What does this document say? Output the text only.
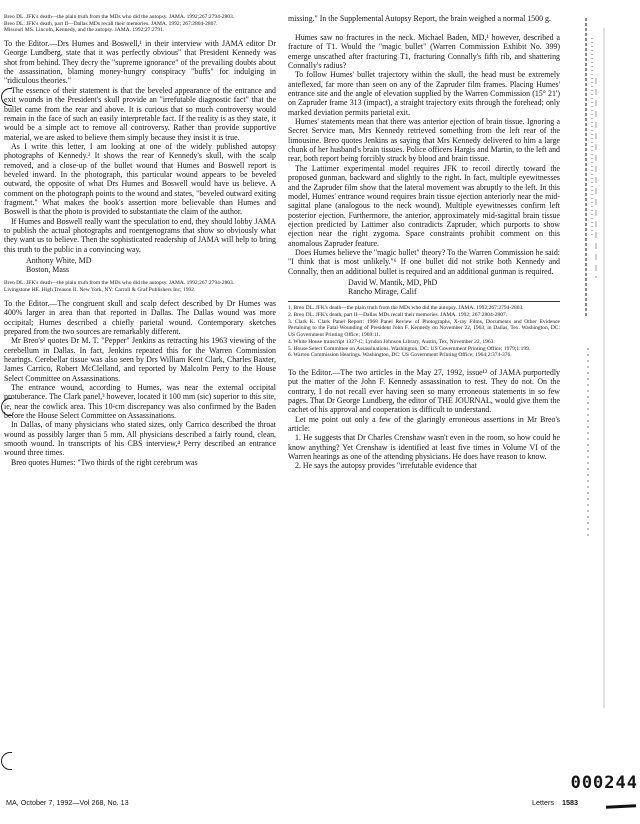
Breo DL. JFK's death—the plain truth from the MDs who did the autopsy. JAMA. 1992;267:2794-2803.
Breo DL. JFK's death, part II—Dallas MDs recall their memories. JAMA. 1992; 267:2804-2807.
Missouri MS. Lincoln, Kennedy, and the autopsy. JAMA. 1992;27:2791.

To the Editor.—Drs Humes and Boswell,¹ in their interview with JAMA editor Dr George Lundberg, state that it was perfectly obvious" that President Kennedy was shot from behind. They decry the "supreme ignorance" of the prevailing doubts about the assassination, blaming money-hungry conspiracy "buffs" for indulging in "ridiculous theories."

The essence of their statement is that the beveled appearance of the entrance and exit wounds in the President's skull provide an "irrefutable diagnostic fact" that the bullet came from the rear and above. It is curious that so much controversy would remain in the face of such an easily interpretable fact. If the reality is as they state, it would be a simple act to remove all controversy. Rather than provide supportive material, we are asked to believe them simply because they insist it is true.

As I write this letter, I am looking at one of the widely published autopsy photographs of Kennedy.² It shows the rear of Kennedy's skull, with the scalp removed, and a close-up of the bullet wound that Humes and Boswell report is beveled inward. In the photograph, this particular wound appears to be beveled outward, the opposite of what Drs Humes and Boswell would have us believe. A comment on the photograph points to the wound and states, "beveled outward exiting fragment." What makes the book's assertion more believable than Humes and Boswell is that the photo is provided to substantiate the claim of the author.

If Humes and Boswell really want the speculation to end, they should lobby JAMA to publish the actual photographs and roentgenograms that show so obviously what they want us to believe. Then the sophisticated readership of JAMA will help to bring this truth to the public in a convincing way.

Anthony White, MD
Boston, Mass
Breo DL. JFK's death—the plain truth from the MDs who did the autopsy. JAMA. 1992;267:2794-2803.
Livingstone HE. High Treason II. New York, NY: Carroll & Graf Publishers Inc; 1992.

To the Editor.—The congruent skull and scalp defect described by Dr Humes was 400% larger in area than that reported in Dallas. The Dallas wound was more occipital; Humes described a chiefly parietal wound. Contemporary sketches prepared from the two sources are remarkably different.

Mr Breo's² quotes Dr M. T. "Pepper" Jenkins as retracting his 1963 viewing of the cerebellum in Dallas. In fact, Jenkins repeated this for the Warren Commission hearings. Cerebellar tissue was also seen by Drs William Kent Clark, Charles Baxter, James Carrico, Robert McClelland, and reported by Malcolm Perry to the House Select Committee on Assassinations.

The entrance wound, according to Humes, was near the external occipital protuberance. The Clark panel,³ however, located it 100 mm (sic) superior to this site, ie, near the cowlick area. This 10-cm discrepancy was also confirmed by the Baden before the House Select Committee on Assassinations.

In Dallas, of many physicians who stated sizes, only Carrico described the throat wound as possibly larger than 5 mm. All physicians described a fairly round, clean, smooth wound. In transcripts of his CBS interview,⁴ Perry described an entrance wound three times.

Breo quotes Humes: "Two thirds of the right cerebrum was

missing." In the Supplemental Autopsy Report, the brain weighed a normal 1500 g.

Humes saw no fractures in the neck. Michael Baden, MD,¹ however, described a fracture of T1. Would the "magic bullet" (Warren Commission Exhibit No. 399) emerge unscathed after fracturing T1, fracturing Connally's fifth rib, and shattering Connally's radius?

To follow Humes' bullet trajectory within the skull, the head must be extremely anteflexed, far more than seen on any of the Zapruder film frames. Placing Humes' entrance site and the angle of elevation supplied by the Warren Commission (15° 21') on Zapruder frame 313 (impact), a straight trajectory exits through the forehead; only marked deviation permits parietal exit.

Humes' statements mean that there was anterior ejection of brain tissue. Ignoring a Secret Service man, Mrs Kennedy retrieved something from the left rear of the limousine. Breo quotes Jenkins as saying that Mrs Kennedy delivered to him a large chunk of her husband's brain tissues. Police officers Hargis and Martin, to the left and rear, both report being forcibly struck by blood and brain tissue.

The Lattimer experimental model requires JFK to recoil directly toward the proposed gunman, backward and slightly to the right. In fact, multiple eyewitnesses and the Zapruder film show that the lateral movement was abruptly to the left. In this model, Humes' entrance wound requires brain tissue ejection anteriorly near the mid-sagittal plane (analogous to the neck wound). Multiple eyewitnesses confirm left posterior ejection. Furthermore, the anterior, approximately mid-sagittal brain tissue ejection predicted by Lattimer also contradicts Zapruder, which purports to show ejection near the right zygoma. Space constraints prohibit comment on this anomalous Zapruder feature.

Does Humes believe the "magic bullet" theory? To the Warren Commission he said: "I think that is most unlikely."⁶ If one bullet did not strike both Kennedy and Connally, then an additional bullet is required and an additional gunman is required.

David W. Mantik, MD, PhD
Rancho Mirage, Calif
1. Breo DL. JFK's death—the plain truth from the MDs who did the autopsy. JAMA. 1992;267:2794-2803.
2. Breo DL. JFK's death, part II—Dallas MDs recall their memories. JAMA. 1992; 267:2804-2807.
3. Clark K. Clark Panel Report: 1968 Panel Review of Photographs, X-ray Films, Documents and Other Evidence Pertaining to the Fatal Wounding of President John F. Kennedy on November 22, 1963, in Dallas, Tex. Washington, DC: US Government Printing Office; 1969:11.
4. White House transcript 1327-C; Lyndon Johnson Library, Austin, Tex, November 22, 1963.
5. House Select Committee on Assassinations. Washington, DC: US Government Printing Office; 1979;1:199.
6. Warren Commission Hearings. Washington, DC: US Government Printing Office; 1964;2:374-376.

To the Editor.—The two articles in the May 27, 1992, issue¹² of JAMA purportedly put the matter of the John F. Kennedy assassination to rest. They do not. On the contrary, I do not recall ever having seen so many erroneous statements in so few pages. That Dr George Lundberg, the editor of THE JOURNAL, would give them the cachet of his approval and cooperation is difficult to understand.

Let me point out only a few of the glaringly erroneous assertions in Mr Breo's article:

1. He suggests that Dr Charles Crenshaw wasn't even in the room, so how could he know anything? Yet Crenshaw is identified at least five times in Volume VI of the Warren hearings as one of the attending physicians. He does have reason to know.

2. He says the autopsy provides "irrefutable evidence that

MA, October 7, 1992—Vol 268, No. 13	Letters 1583
000244
